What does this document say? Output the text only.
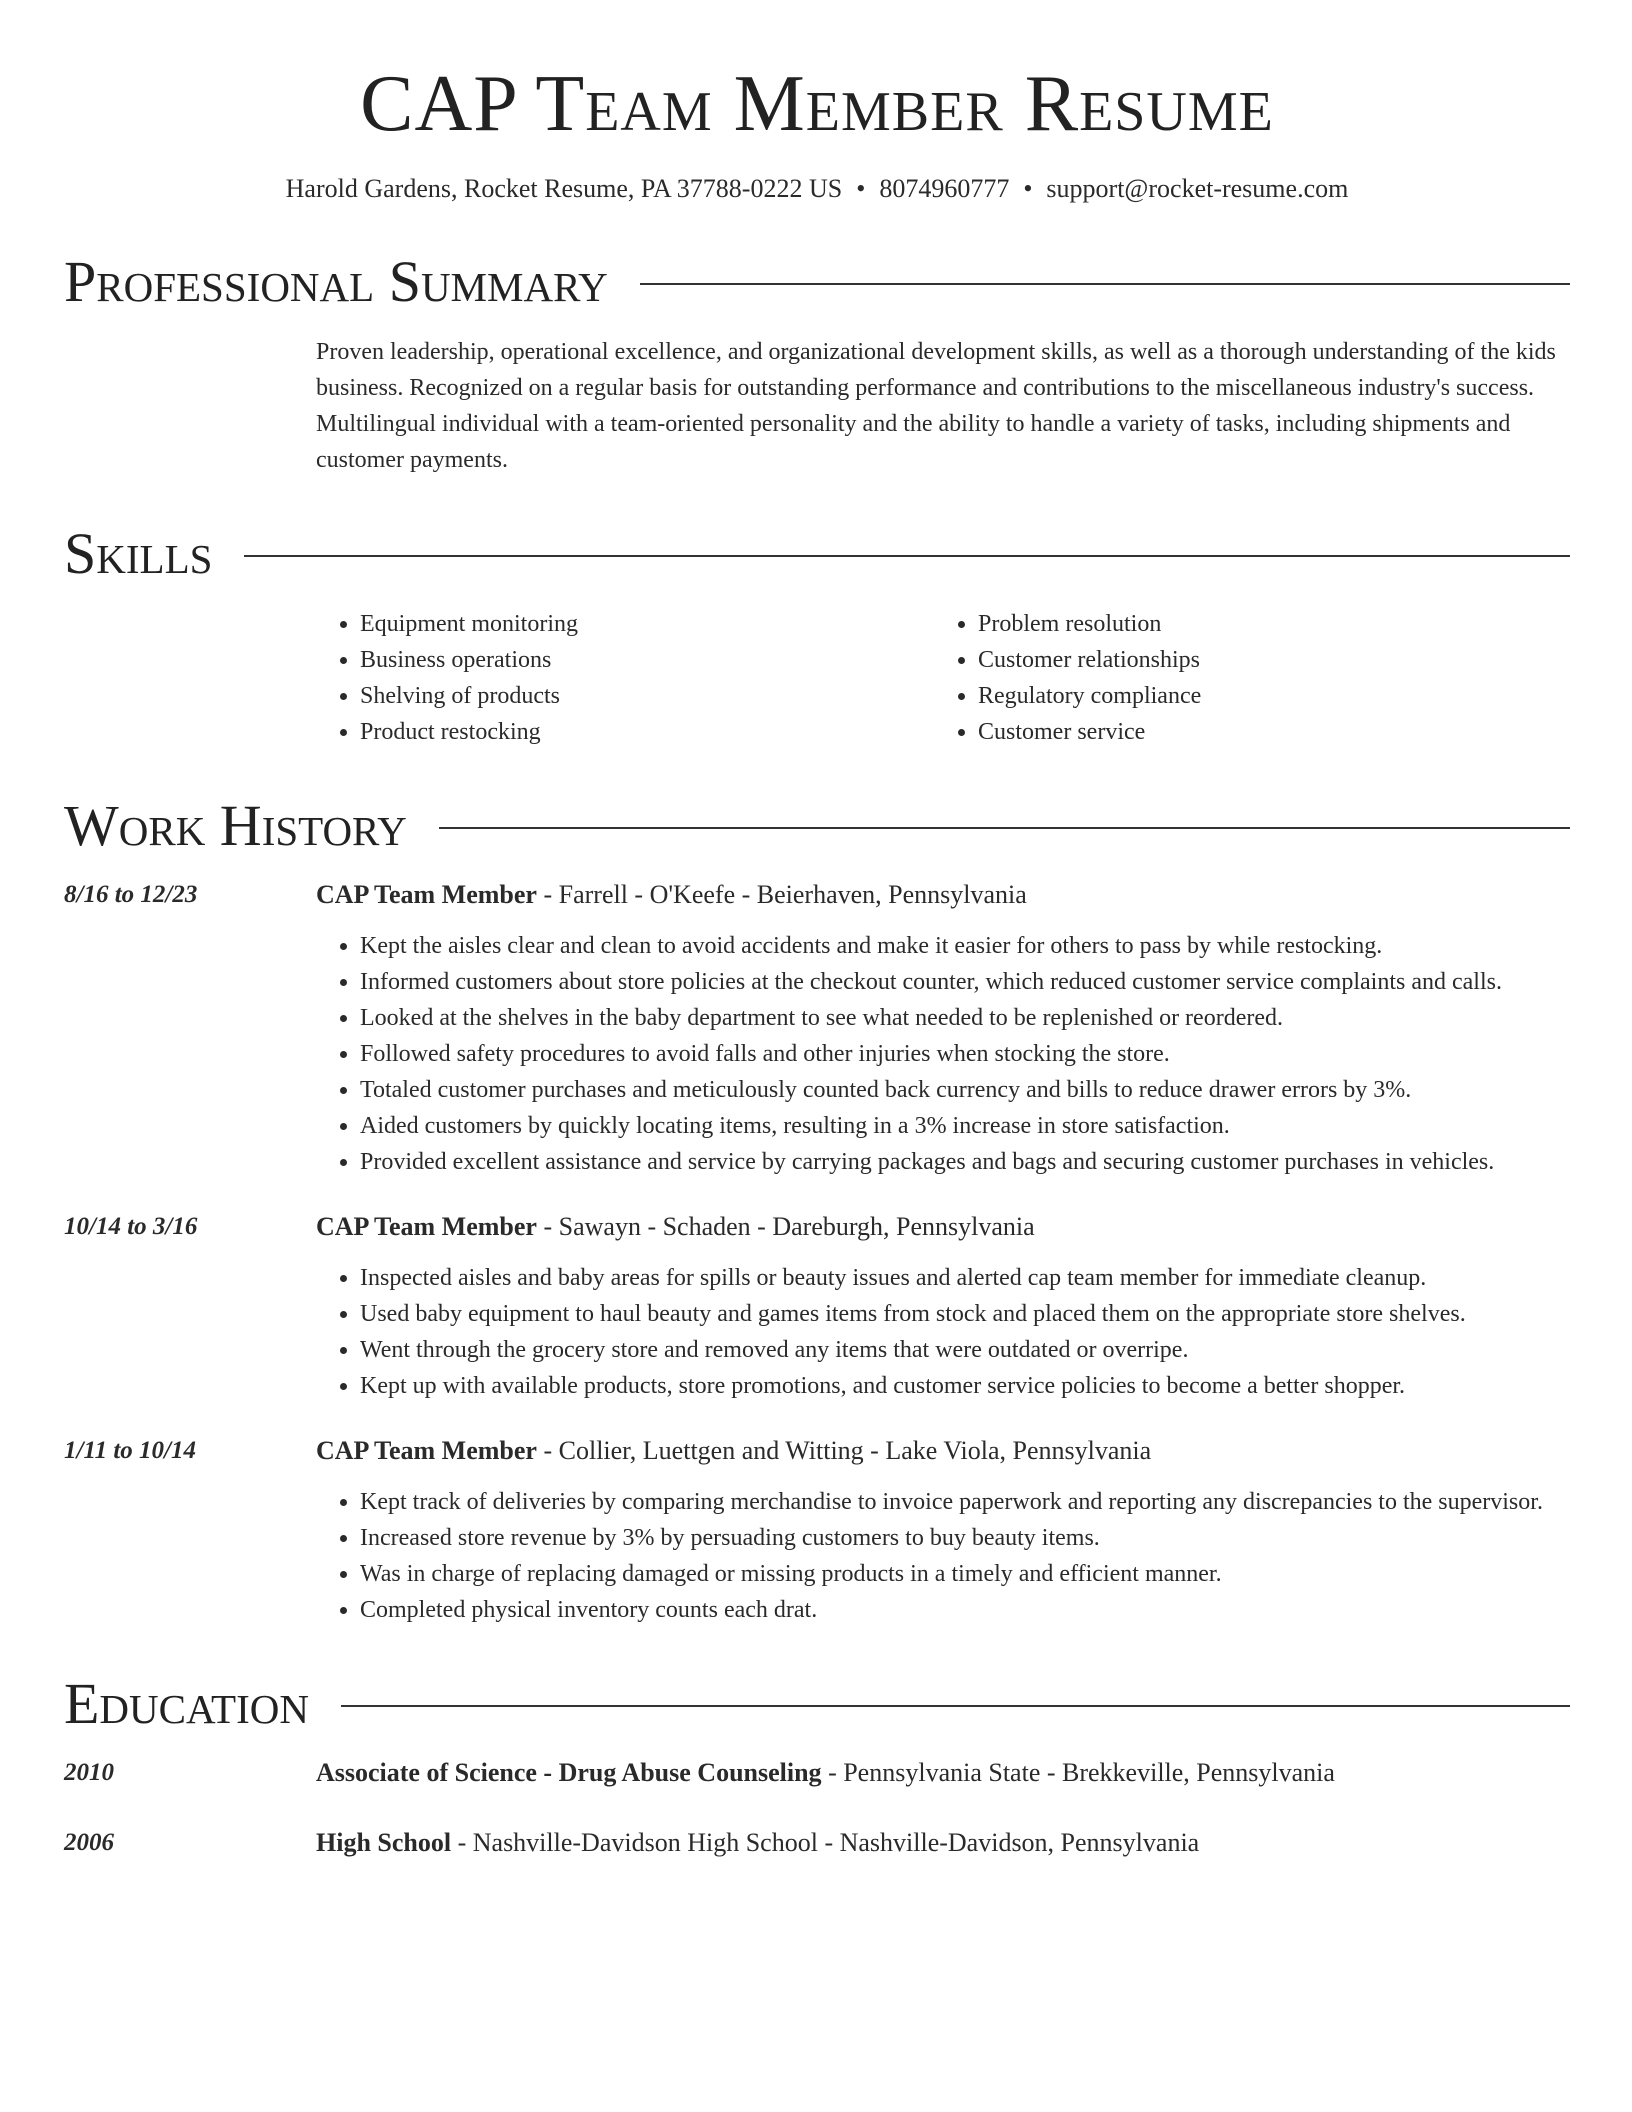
CAP Team Member Resume
Harold Gardens, Rocket Resume, PA 37788-0222 US • 8074960777 • support@rocket-resume.com
Professional Summary
Proven leadership, operational excellence, and organizational development skills, as well as a thorough understanding of the kids business. Recognized on a regular basis for outstanding performance and contributions to the miscellaneous industry's success. Multilingual individual with a team-oriented personality and the ability to handle a variety of tasks, including shipments and customer payments.
Skills
• Equipment monitoring
• Business operations
• Shelving of products
• Product restocking
• Problem resolution
• Customer relationships
• Regulatory compliance
• Customer service
Work History
8/16 to 12/23	CAP Team Member - Farrell - O'Keefe - Beierhaven, Pennsylvania
• Kept the aisles clear and clean to avoid accidents and make it easier for others to pass by while restocking.
• Informed customers about store policies at the checkout counter, which reduced customer service complaints and calls.
• Looked at the shelves in the baby department to see what needed to be replenished or reordered.
• Followed safety procedures to avoid falls and other injuries when stocking the store.
• Totaled customer purchases and meticulously counted back currency and bills to reduce drawer errors by 3%.
• Aided customers by quickly locating items, resulting in a 3% increase in store satisfaction.
• Provided excellent assistance and service by carrying packages and bags and securing customer purchases in vehicles.
10/14 to 3/16	CAP Team Member - Sawayn - Schaden - Dareburgh, Pennsylvania
• Inspected aisles and baby areas for spills or beauty issues and alerted cap team member for immediate cleanup.
• Used baby equipment to haul beauty and games items from stock and placed them on the appropriate store shelves.
• Went through the grocery store and removed any items that were outdated or overripe.
• Kept up with available products, store promotions, and customer service policies to become a better shopper.
1/11 to 10/14	CAP Team Member - Collier, Luettgen and Witting - Lake Viola, Pennsylvania
• Kept track of deliveries by comparing merchandise to invoice paperwork and reporting any discrepancies to the supervisor.
• Increased store revenue by 3% by persuading customers to buy beauty items.
• Was in charge of replacing damaged or missing products in a timely and efficient manner.
• Completed physical inventory counts each drat.
Education
2010	Associate of Science - Drug Abuse Counseling - Pennsylvania State - Brekkeville, Pennsylvania
2006	High School - Nashville-Davidson High School - Nashville-Davidson, Pennsylvania
